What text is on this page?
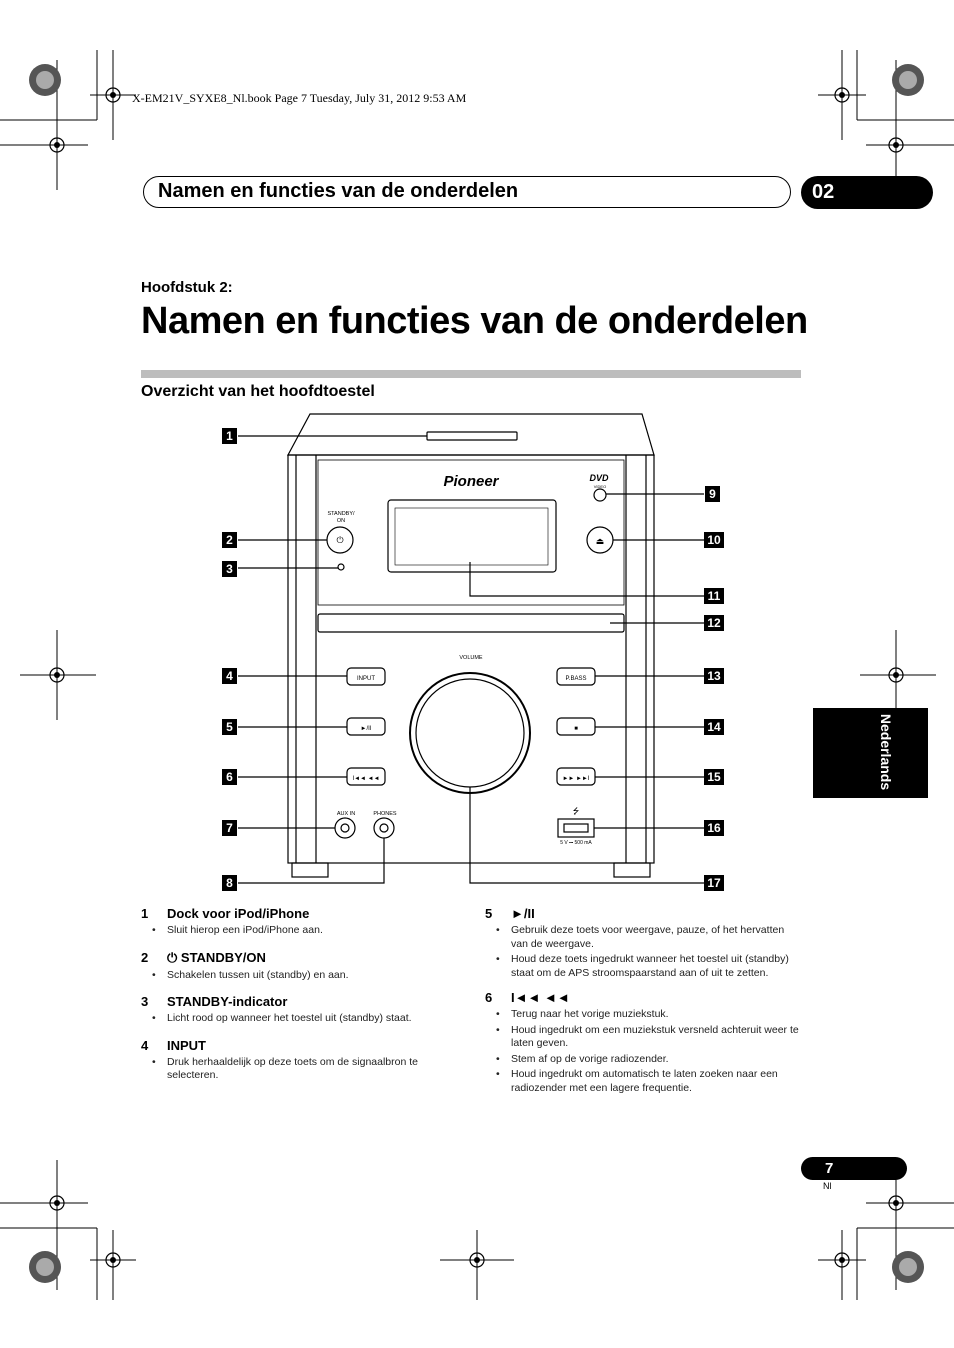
X-EM21V_SYXE8_Nl.book Page 7 Tuesday, July 31, 2012 9:53 AM
Namen en functies van de onderdelen	02
Hoofdstuk 2:
Namen en functies van de onderdelen
Overzicht van het hoofdtoestel
Nederlands
Pioneer	DVD
VIDEO
STANDBY/
ON
⏻	⏏
VOLUME
INPUT
►/II
I◄◄ ◄◄
P.BASS
■
►► ►►I
AUX IN	PHONES	⭍
5 V ⎓ 500 mA
1
2
3
4
5
6
7
8
9
10
11
12
13
14
15
16
17
1 Dock voor iPod/iPhone
• Sluit hierop een iPod/iPhone aan.
2 ⏻ STANDBY/ON
• Schakelen tussen uit (standby) en aan.
3 STANDBY-indicator
• Licht rood op wanneer het toestel uit (standby) staat.
4 INPUT
• Druk herhaaldelijk op deze toets om de signaalbron te selecteren.
5 ►/II
• Gebruik deze toets voor weergave, pauze, of het hervatten van de weergave.
• Houd deze toets ingedrukt wanneer het toestel uit (standby) staat om de APS stroomspaarstand aan of uit te zetten.
6 I◄◄ ◄◄
• Terug naar het vorige muziekstuk.
• Houd ingedrukt om een muziekstuk versneld achteruit weer te laten geven.
• Stem af op de vorige radiozender.
• Houd ingedrukt om automatisch te laten zoeken naar een radiozender met een lagere frequentie.
7
Nl
